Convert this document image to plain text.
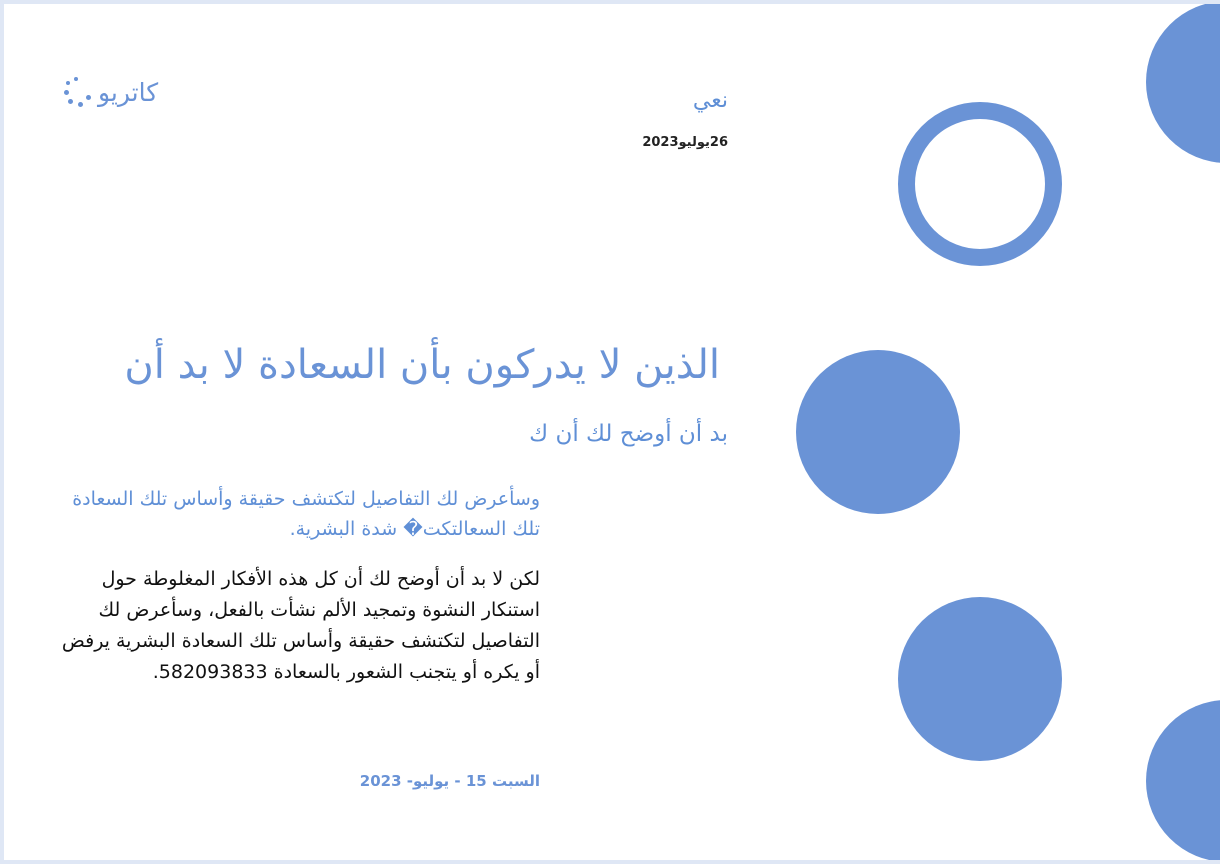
كاتريو	نعي
26يوليو2023
الذين لا يدركون بأن السعادة لا بد أن
بد أن أوضح لك أن ك
وسأعرض لك التفاصيل لتكتشف حقيقة وأساس تلك السعادة تلك السعالتكت� شدة البشرية.
لكن لا بد أن أوضح لك أن كل هذه الأفكار المغلوطة حول استنكار النشوة وتمجيد الألم نشأت بالفعل، وسأعرض لك التفاصيل لتكتشف حقيقة وأساس تلك السعادة البشرية يرفض أو يكره أو يتجنب الشعور بالسعادة 582093833.
السبت 15 - يوليو- 2023
